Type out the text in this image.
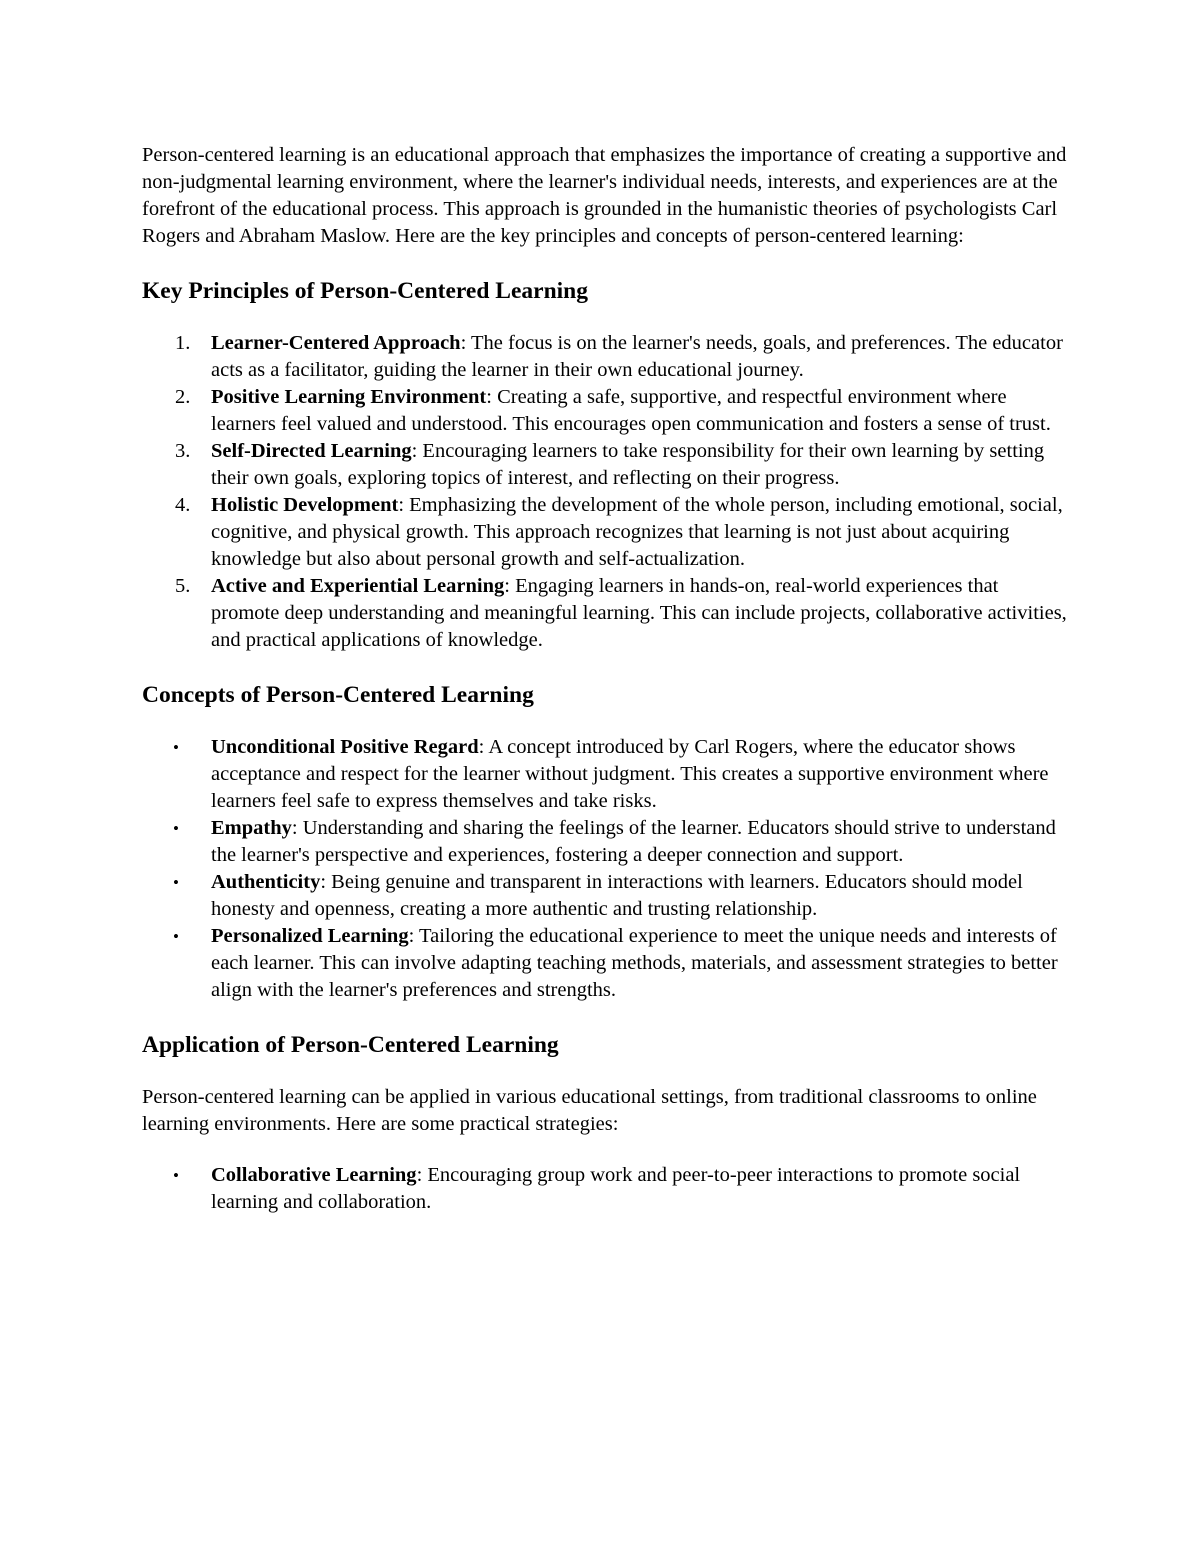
Person-centered learning is an educational approach that emphasizes the importance of creating a supportive and non-judgmental learning environment, where the learner's individual needs, interests, and experiences are at the forefront of the educational process. This approach is grounded in the humanistic theories of psychologists Carl Rogers and Abraham Maslow. Here are the key principles and concepts of person-centered learning:

Key Principles of Person-Centered Learning
1. Learner-Centered Approach: The focus is on the learner's needs, goals, and preferences. The educator acts as a facilitator, guiding the learner in their own educational journey.
2. Positive Learning Environment: Creating a safe, supportive, and respectful environment where learners feel valued and understood. This encourages open communication and fosters a sense of trust.
3. Self-Directed Learning: Encouraging learners to take responsibility for their own learning by setting their own goals, exploring topics of interest, and reflecting on their progress.
4. Holistic Development: Emphasizing the development of the whole person, including emotional, social, cognitive, and physical growth. This approach recognizes that learning is not just about acquiring knowledge but also about personal growth and self-actualization.
5. Active and Experiential Learning: Engaging learners in hands-on, real-world experiences that promote deep understanding and meaningful learning. This can include projects, collaborative activities, and practical applications of knowledge.
Concepts of Person-Centered Learning
• Unconditional Positive Regard: A concept introduced by Carl Rogers, where the educator shows acceptance and respect for the learner without judgment. This creates a supportive environment where learners feel safe to express themselves and take risks.
• Empathy: Understanding and sharing the feelings of the learner. Educators should strive to understand the learner's perspective and experiences, fostering a deeper connection and support.
• Authenticity: Being genuine and transparent in interactions with learners. Educators should model honesty and openness, creating a more authentic and trusting relationship.
• Personalized Learning: Tailoring the educational experience to meet the unique needs and interests of each learner. This can involve adapting teaching methods, materials, and assessment strategies to better align with the learner's preferences and strengths.
Application of Person-Centered Learning

Person-centered learning can be applied in various educational settings, from traditional classrooms to online learning environments. Here are some practical strategies:

• Collaborative Learning: Encouraging group work and peer-to-peer interactions to promote social learning and collaboration.
